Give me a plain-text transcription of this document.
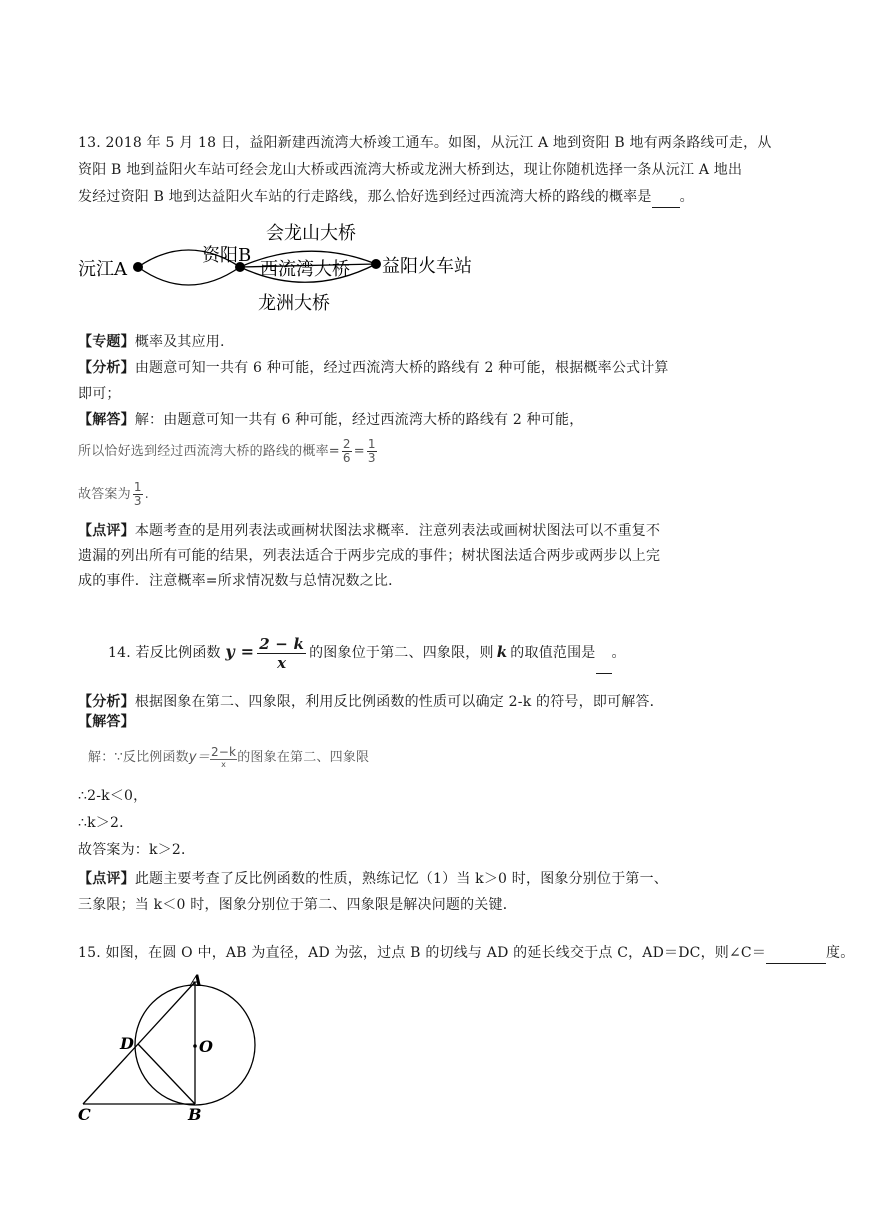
13. 2018 年 5 月 18 日，益阳新建西流湾大桥竣工通车。如图，从沅江 A 地到资阳 B 地有两条路线可走，从
资阳 B 地到益阳火车站可经会龙山大桥或西流湾大桥或龙洲大桥到达，现让你随机选择一条从沅江 A 地出
发经过资阳 B 地到达益阳火车站的行走路线，那么恰好选到经过西流湾大桥的路线的概率是 。
沅江A
资阳B
益阳火车站
会龙山大桥
西流湾大桥
龙洲大桥
【专题】概率及其应用.
【分析】由题意可知一共有 6 种可能，经过西流湾大桥的路线有 2 种可能，根据概率公式计算
即可；
【解答】解：由题意可知一共有 6 种可能，经过西流湾大桥的路线有 2 种可能，
所以恰好选到经过西流湾大桥的路线的概率= $\frac{2}{6} = \frac{1}{3}$
故答案为 $\frac{1}{3}$ .
【点评】本题考查的是用列表法或画树状图法求概率．注意列表法或画树状图法可以不重复不
遗漏的列出所有可能的结果，列表法适合于两步完成的事件；树状图法适合两步或两步以上完
成的事件．注意概率=所求情况数与总情况数之比．
14. 若反比例函数 $y = \frac{2 - k}{x}$ 的图象位于第二、四象限，则 k 的取值范围是 。
【分析】根据图象在第二、四象限，利用反比例函数的性质可以确定 2-k 的符号，即可解答．
【解答】
解：∵反比例函数$y= \frac{2-k}{x}$ 的图象在第二、四象限
∴2-k＜0，
∴k＞2．
故答案为：k＞2．
【点评】此题主要考查了反比例函数的性质，熟练记忆（1）当 k＞0 时，图象分别位于第一、
三象限；当 k＜0 时，图象分别位于第二、四象限是解决问题的关键．
15. 如图，在圆 O 中，AB 为直径，AD 为弦，过点 B 的切线与 AD 的延长线交于点 C，AD＝DC，则∠C＝	度。
A
O
D
C	B
